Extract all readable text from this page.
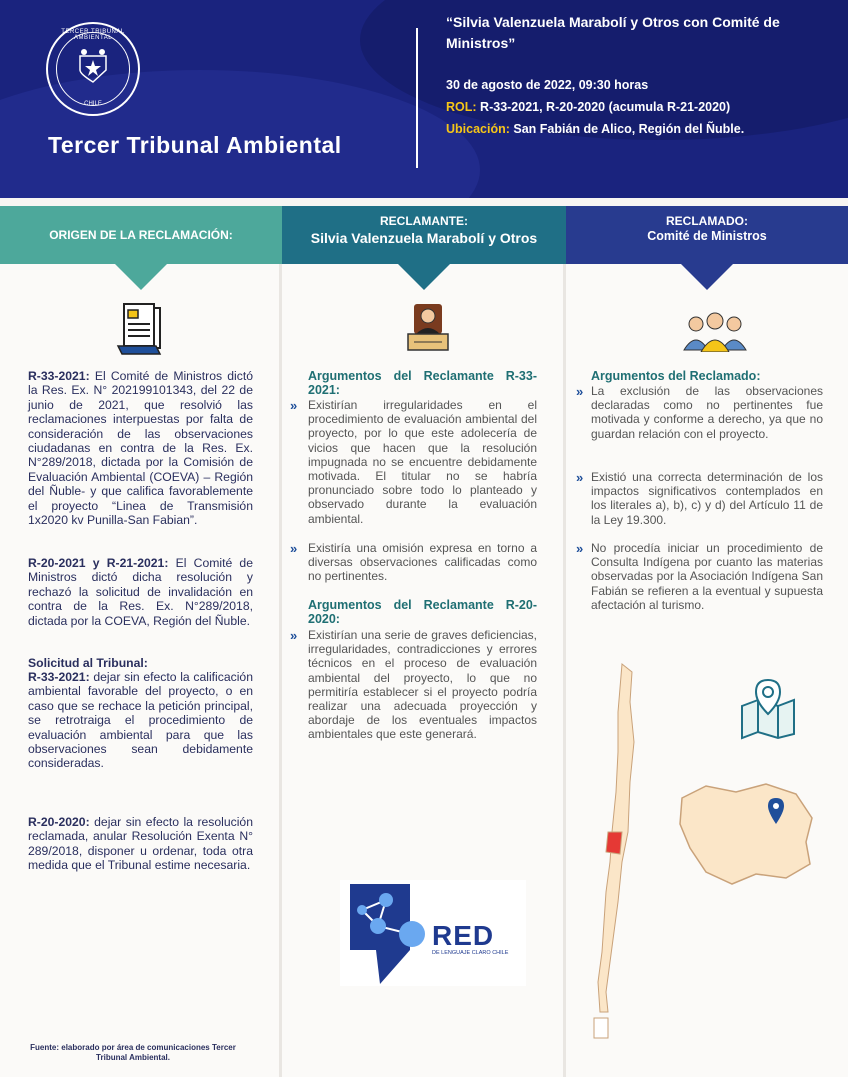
TERCER TRIBUNAL AMBIENTAL
CHILE
Tercer Tribunal Ambiental
“Silvia Valenzuela Marabolí y Otros con Comité de Ministros”
30 de agosto de 2022, 09:30 horas
ROL: R-33-2021, R-20-2020 (acumula R-21-2020)
Ubicación: San Fabián de Alico, Región del Ñuble.
ORIGEN DE LA RECLAMACIÓN:
RECLAMANTE:
Silvia Valenzuela Marabolí y Otros
RECLAMADO:
Comité de Ministros
R-33-2021: El Comité de Ministros dictó la Res. Ex. N° 202199101343, del 22 de junio de 2021, que resolvió las reclamaciones interpuestas por falta de consideración de las observaciones ciudadanas en contra de la Res. Ex. N°289/2018, dictada por la Comisión de Evaluación Ambiental (COEVA) – Región del Ñuble- y que califica favorablemente el proyecto “Linea de Transmisión 1x2020 kv Punilla-San Fabian”.
R-20-2021 y R-21-2021: El Comité de Ministros dictó dicha resolución y rechazó la solicitud de invalidación en contra de la Res. Ex. N°289/2018, dictada por la COEVA, Región del Ñuble.
Solicitud al Tribunal:
R-33-2021: dejar sin efecto la calificación ambiental favorable del proyecto, o en caso que se rechace la petición principal, se retrotraiga el procedimiento de evaluación ambiental para que las observaciones sean debidamente consideradas.
R-20-2020: dejar sin efecto la resolución reclamada, anular Resolución Exenta N° 289/2018, disponer u ordenar, toda otra medida que el Tribunal estime necesaria.
Argumentos del Reclamante R-33-2021:
» Existirían irregularidades en el procedimiento de evaluación ambiental del proyecto, por lo que este adolecería de vicios que hacen que la resolución impugnada no se encuentre debidamente motivada. El titular no se habría pronunciado sobre todo lo planteado y observado durante la evaluación ambiental.
» Existiría una omisión expresa en torno a diversas observaciones calificadas como no pertinentes.
Argumentos del Reclamante R-20-2020:
» Existirían una serie de graves deficiencias, irregularidades, contradicciones y errores técnicos en el proceso de evaluación ambiental del proyecto, lo que no permitiría establecer si el proyecto podría realizar una adecuada proyección y abordaje de los eventuales impactos ambientales que este generará.
RED
DE LENGUAJE CLARO CHILE
Argumentos del Reclamado:
» La exclusión de las observaciones declaradas como no pertinentes fue motivada y conforme a derecho, ya que no guardan relación con el proyecto.
» Existió una correcta determinación de los impactos significativos contemplados en los literales a), b), c) y d) del Artículo 11 de la Ley 19.300.
» No procedía iniciar un procedimiento de Consulta Indígena por cuanto las materias observadas por la Asociación Indígena San Fabián se refieren a la eventual y supuesta afectación al turismo.
Fuente: elaborado por área de comunicaciones Tercer Tribunal Ambiental.
